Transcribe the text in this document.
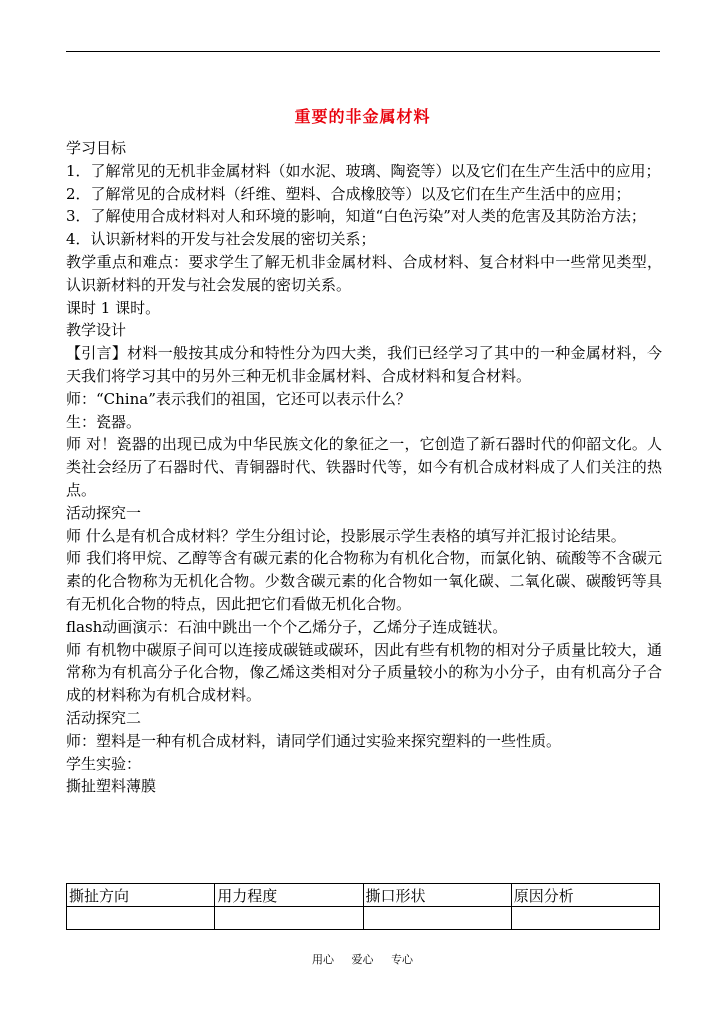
重要的非金属材料

学习目标

1．了解常见的无机非金属材料（如水泥、玻璃、陶瓷等）以及它们在生产生活中的应用；

2．了解常见的合成材料（纤维、塑料、合成橡胶等）以及它们在生产生活中的应用；

3．了解使用合成材料对人和环境的影响，知道“白色污染”对人类的危害及其防治方法；

4．认识新材料的开发与社会发展的密切关系；

教学重点和难点：要求学生了解无机非金属材料、合成材料、复合材料中一些常见类型，认识新材料的开发与社会发展的密切关系。

课时 1 课时。

教学设计

【引言】材料一般按其成分和特性分为四大类，我们已经学习了其中的一种金属材料，今天我们将学习其中的另外三种无机非金属材料、合成材料和复合材料。

师：“China”表示我们的祖国，它还可以表示什么？

生：瓷器。

师 对！瓷器的出现已成为中华民族文化的象征之一，它创造了新石器时代的仰韶文化。人类社会经历了石器时代、青铜器时代、铁器时代等，如今有机合成材料成了人们关注的热点。

活动探究一

师 什么是有机合成材料？学生分组讨论，投影展示学生表格的填写并汇报讨论结果。

师 我们将甲烷、乙醇等含有碳元素的化合物称为有机化合物，而氯化钠、硫酸等不含碳元素的化合物称为无机化合物。少数含碳元素的化合物如一氧化碳、二氧化碳、碳酸钙等具有无机化合物的特点，因此把它们看做无机化合物。

flash动画演示：石油中跳出一个个乙烯分子，乙烯分子连成链状。

师 有机物中碳原子间可以连接成碳链或碳环，因此有些有机物的相对分子质量比较大，通常称为有机高分子化合物，像乙烯这类相对分子质量较小的称为小分子，由有机高分子合成的材料称为有机合成材料。

活动探究二

师：塑料是一种有机合成材料，请同学们通过实验来探究塑料的一些性质。

学生实验：

撕扯塑料薄膜

撕扯方向	用力程度	撕口形状	原因分析

用心 爱心 专心
